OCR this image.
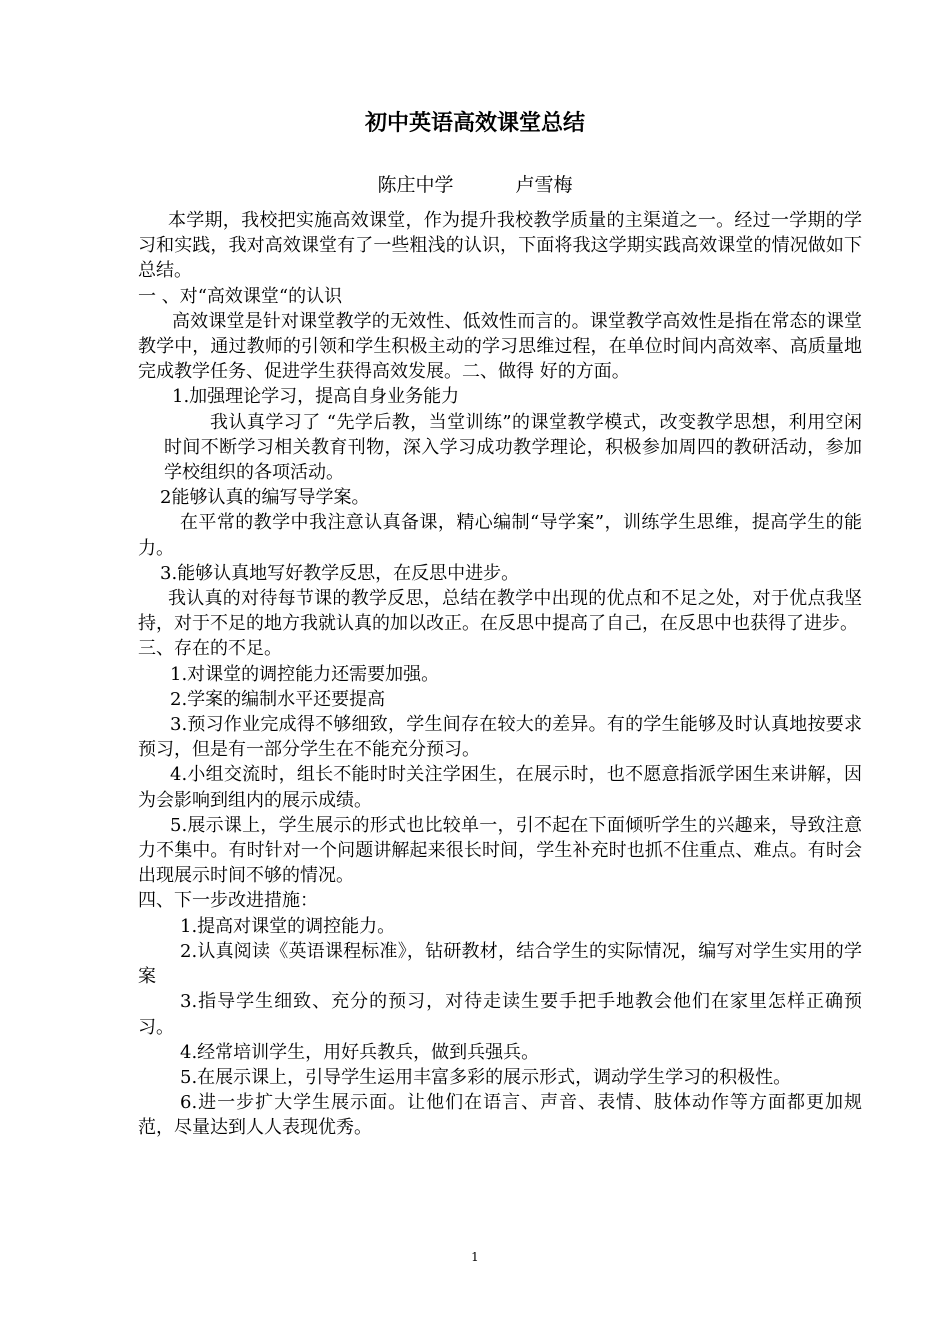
初中英语高效课堂总结
陈庄中学	卢雪梅

本学期，我校把实施高效课堂，作为提升我校教学质量的主渠道之一。经过一学期的学习和实践，我对高效课堂有了一些粗浅的认识，下面将我这学期实践高效课堂的情况做如下总结。

一 、对“高效课堂“的认识

高效课堂是针对课堂教学的无效性、低效性而言的。课堂教学高效性是指在常态的课堂教学中，通过教师的引领和学生积极主动的学习思维过程，在单位时间内高效率、高质量地完成教学任务、促进学生获得高效发展。二、做得 好的方面。

1.加强理论学习，提高自身业务能力

我认真学习了 “先学后教，当堂训练”的课堂教学模式，改变教学思想，利用空闲时间不断学习相关教育刊物，深入学习成功教学理论，积极参加周四的教研活动，参加学校组织的各项活动。

2能够认真的编写导学案。

在平常的教学中我注意认真备课，精心编制“导学案”，训练学生思维，提高学生的能力。

3.能够认真地写好教学反思，在反思中进步。

我认真的对待每节课的教学反思，总结在教学中出现的优点和不足之处，对于优点我坚持，对于不足的地方我就认真的加以改正。在反思中提高了自己，在反思中也获得了进步。

三、存在的不足。

1.对课堂的调控能力还需要加强。

2.学案的编制水平还要提高

3.预习作业完成得不够细致，学生间存在较大的差异。有的学生能够及时认真地按要求预习，但是有一部分学生在不能充分预习。

4.小组交流时，组长不能时时关注学困生，在展示时，也不愿意指派学困生来讲解，因为会影响到组内的展示成绩。

5.展示课上，学生展示的形式也比较单一，引不起在下面倾听学生的兴趣来，导致注意力不集中。有时针对一个问题讲解起来很长时间，学生补充时也抓不住重点、难点。有时会出现展示时间不够的情况。

四、下一步改进措施：

1.提高对课堂的调控能力。

2.认真阅读《英语课程标准》，钻研教材，结合学生的实际情况，编写对学生实用的学案

3.指导学生细致、充分的预习，对待走读生要手把手地教会他们在家里怎样正确预习。

4.经常培训学生，用好兵教兵，做到兵强兵。

5.在展示课上，引导学生运用丰富多彩的展示形式，调动学生学习的积极性。

6.进一步扩大学生展示面。让他们在语言、声音、表情、肢体动作等方面都更加规范，尽量达到人人表现优秀。

1
